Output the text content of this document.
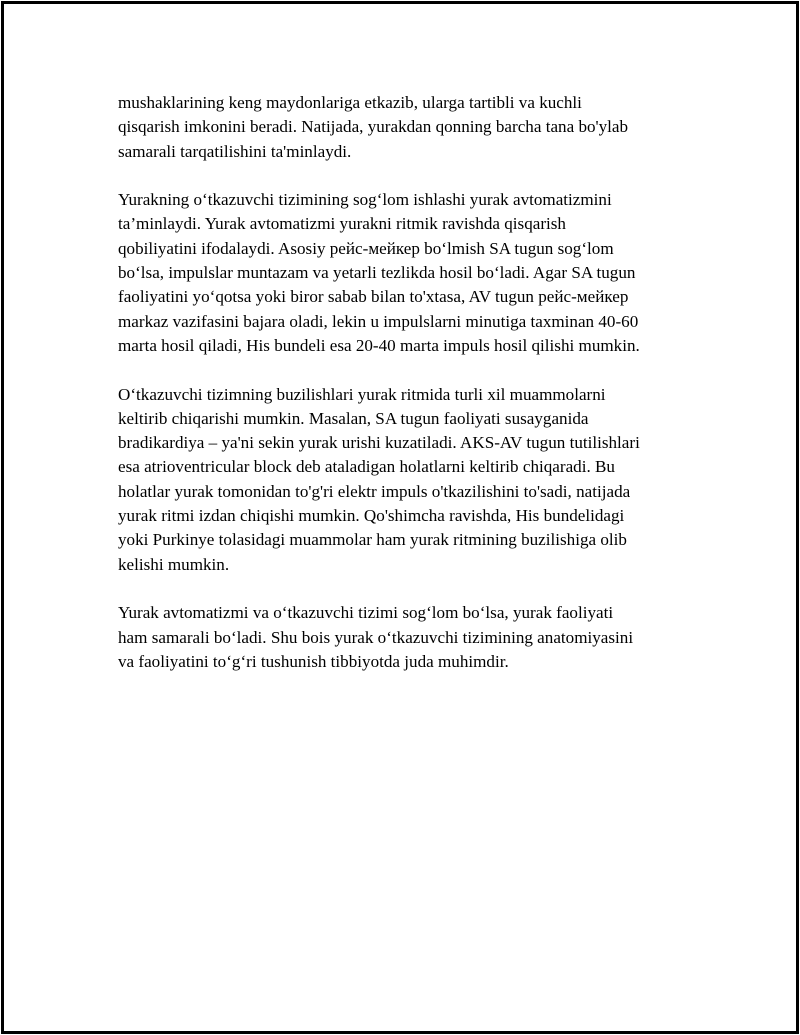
mushaklarining keng maydonlariga etkazib, ularga tartibli va kuchli
qisqarish imkonini beradi. Natijada, yurakdan qonning barcha tana bo'ylab
samarali tarqatilishini ta'minlaydi.

Yurakning o‘tkazuvchi tizimining sog‘lom ishlashi yurak avtomatizmini
ta’minlaydi. Yurak avtomatizmi yurakni ritmik ravishda qisqarish
qobiliyatini ifodalaydi. Asosiy рейс-мейкер bo‘lmish SA tugun sog‘lom
bo‘lsa, impulslar muntazam va yetarli tezlikda hosil bo‘ladi. Agar SA tugun
faoliyatini yo‘qotsa yoki biror sabab bilan to'xtasa, AV tugun рейс-мейкер
markaz vazifasini bajara oladi, lekin u impulslarni minutiga taxminan 40-60
marta hosil qiladi, His bundeli esa 20-40 marta impuls hosil qilishi mumkin.

O‘tkazuvchi tizimning buzilishlari yurak ritmida turli xil muammolarni
keltirib chiqarishi mumkin. Masalan, SA tugun faoliyati susayganida
bradikardiya – ya'ni sekin yurak urishi kuzatiladi. AKS-AV tugun tutilishlari
esa atrioventricular block deb ataladigan holatlarni keltirib chiqaradi. Bu
holatlar yurak tomonidan to'g'ri elektr impuls o'tkazilishini to'sadi, natijada
yurak ritmi izdan chiqishi mumkin. Qo'shimcha ravishda, His bundelidagi
yoki Purkinye tolasidagi muammolar ham yurak ritmining buzilishiga olib
kelishi mumkin.

Yurak avtomatizmi va o‘tkazuvchi tizimi sog‘lom bo‘lsa, yurak faoliyati
ham samarali bo‘ladi. Shu bois yurak o‘tkazuvchi tizimining anatomiyasini
va faoliyatini to‘g‘ri tushunish tibbiyotda juda muhimdir.
